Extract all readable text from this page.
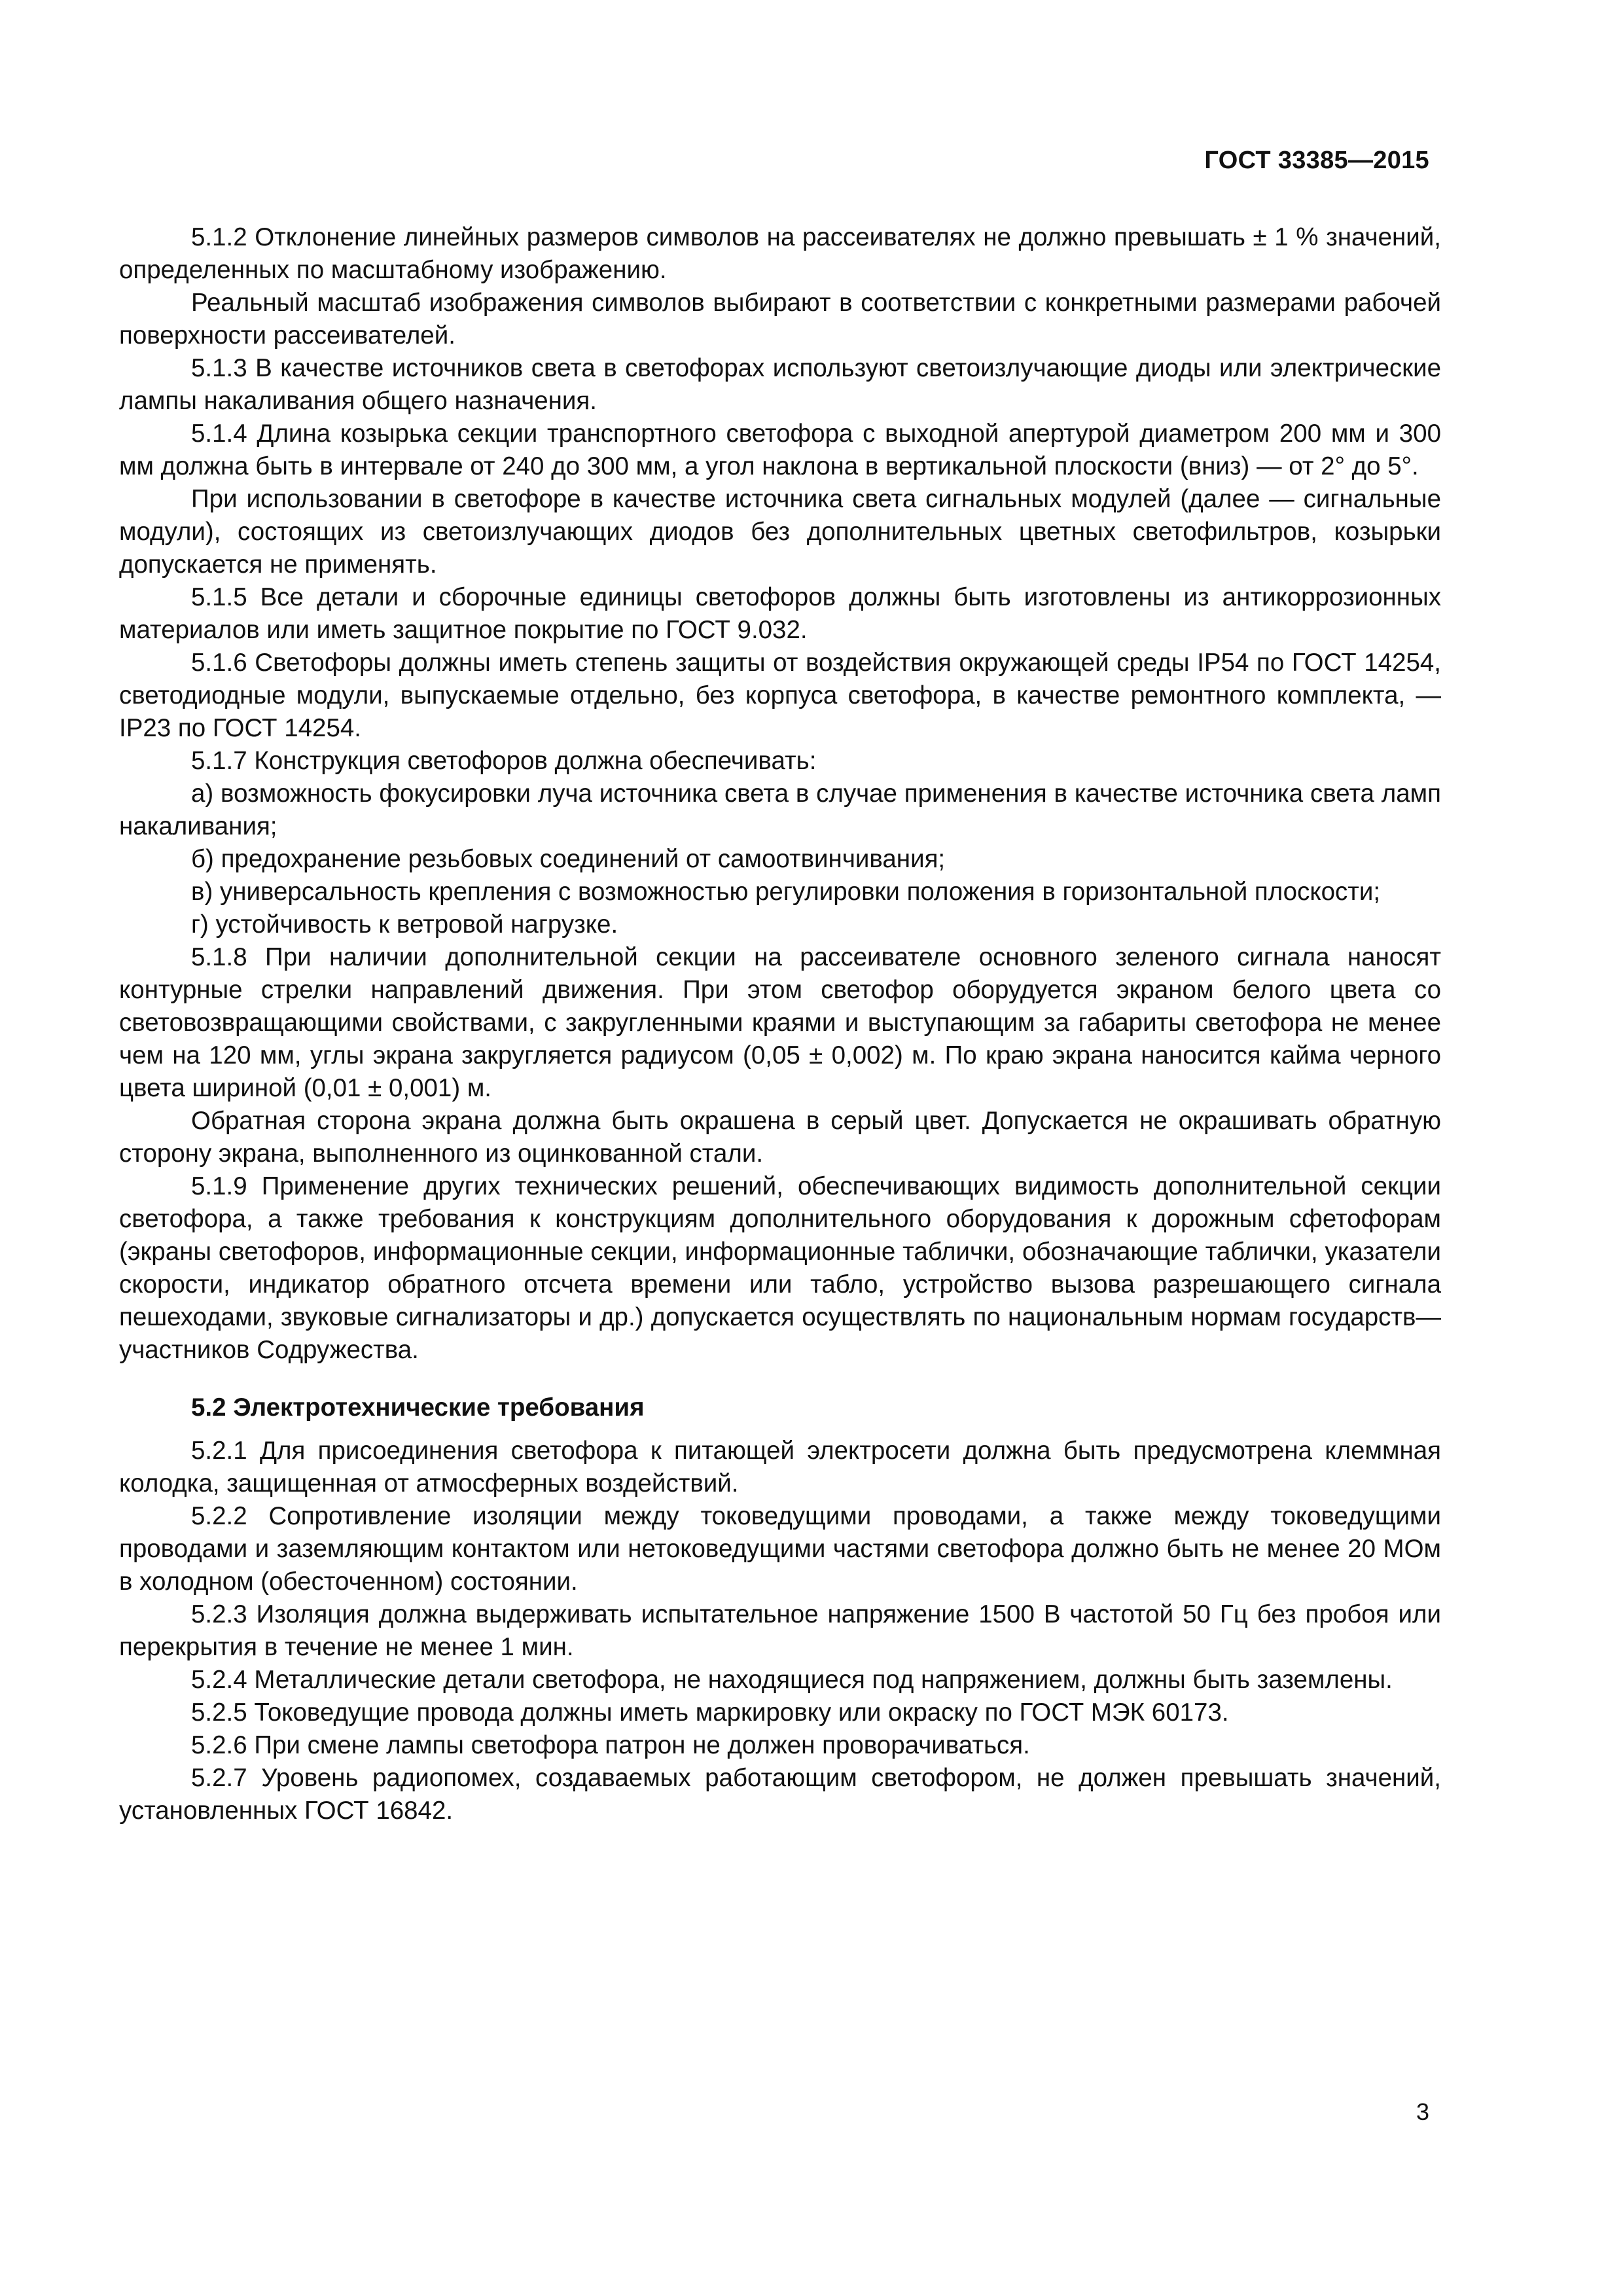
ГОСТ 33385—2015

5.1.2 Отклонение линейных размеров символов на рассеивателях не должно превышать ± 1 % значений, определенных по масштабному изображению.

Реальный масштаб изображения символов выбирают в соответствии с конкретными размерами рабочей поверхности рассеивателей.

5.1.3 В качестве источников света в светофорах используют светоизлучающие диоды или электрические лампы накаливания общего назначения.

5.1.4 Длина козырька секции транспортного светофора с выходной апертурой диаметром 200 мм и 300 мм должна быть в интервале от 240 до 300 мм, а угол наклона в вертикальной плоскости (вниз) — от 2° до 5°.

При использовании в светофоре в качестве источника света сигнальных модулей (далее — сигнальные модули), состоящих из светоизлучающих диодов без дополнительных цветных светофильтров, козырьки допускается не применять.

5.1.5 Все детали и сборочные единицы светофоров должны быть изготовлены из антикоррозионных материалов или иметь защитное покрытие по ГОСТ 9.032.

5.1.6 Светофоры должны иметь степень защиты от воздействия окружающей среды IP54 по ГОСТ 14254, светодиодные модули, выпускаемые отдельно, без корпуса светофора, в качестве ремонтного комплекта, — IP23 по ГОСТ 14254.

5.1.7 Конструкция светофоров должна обеспечивать:

а) возможность фокусировки луча источника света в случае применения в качестве источника света ламп накаливания;

б) предохранение резьбовых соединений от самоотвинчивания;

в) универсальность крепления с возможностью регулировки положения в горизонтальной плоскости;

г) устойчивость к ветровой нагрузке.

5.1.8 При наличии дополнительной секции на рассеивателе основного зеленого сигнала наносят контурные стрелки направлений движения. При этом светофор оборудуется экраном белого цвета со световозвращающими свойствами, с закругленными краями и выступающим за габариты светофора не менее чем на 120 мм, углы экрана закругляется радиусом (0,05 ± 0,002) м. По краю экрана наносится кайма черного цвета шириной (0,01 ± 0,001) м.

Обратная сторона экрана должна быть окрашена в серый цвет. Допускается не окрашивать обратную сторону экрана, выполненного из оцинкованной стали.

5.1.9 Применение других технических решений, обеспечивающих видимость дополнительной секции светофора, а также требования к конструкциям дополнительного оборудования к дорожным сфетофорам (экраны светофоров, информационные секции, информационные таблички, обозначающие таблички, указатели скорости, индикатор обратного отсчета времени или табло, устройство вызова разрешающего сигнала пешеходами, звуковые сигнализаторы и др.) допускается осуществлять по национальным нормам государств—участников Содружества.

5.2 Электротехнические требования

5.2.1 Для присоединения светофора к питающей электросети должна быть предусмотрена клеммная колодка, защищенная от атмосферных воздействий.

5.2.2 Сопротивление изоляции между токоведущими проводами, а также между токоведущими проводами и заземляющим контактом или нетоковедущими частями светофора должно быть не менее 20 МОм в холодном (обесточенном) состоянии.

5.2.3 Изоляция должна выдерживать испытательное напряжение 1500 В частотой 50 Гц без пробоя или перекрытия в течение не менее 1 мин.

5.2.4 Металлические детали светофора, не находящиеся под напряжением, должны быть заземлены.

5.2.5 Токоведущие провода должны иметь маркировку или окраску по ГОСТ МЭК 60173.

5.2.6 При смене лампы светофора патрон не должен проворачиваться.

5.2.7 Уровень радиопомех, создаваемых работающим светофором, не должен превышать значений, установленных ГОСТ 16842.

3
